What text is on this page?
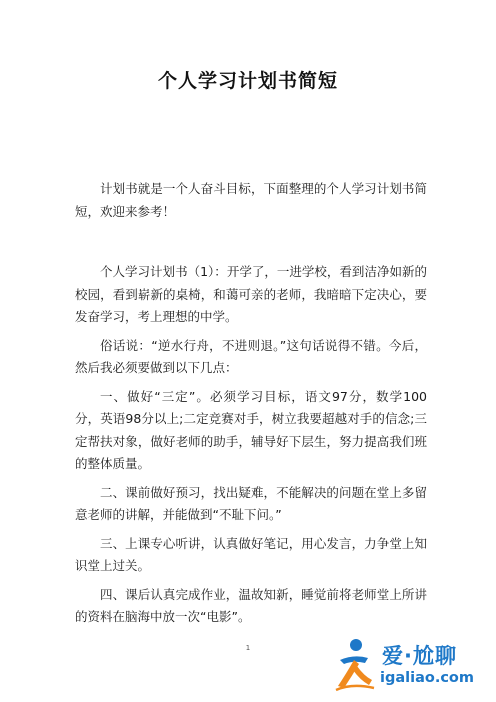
个人学习计划书简短

计划书就是一个人奋斗目标，下面整理的个人学习计划书简短，欢迎来参考！

个人学习计划书（1）：开学了，一进学校，看到洁净如新的校园，看到崭新的桌椅，和蔼可亲的老师，我暗暗下定决心，要发奋学习，考上理想的中学。

俗话说：“逆水行舟，不进则退。”这句话说得不错。今后，然后我必须要做到以下几点：

一、做好“三定”。必须学习目标，语文97分，数学100分，英语98分以上;二定竞赛对手，树立我要超越对手的信念;三定帮扶对象，做好老师的助手，辅导好下层生，努力提高我们班的整体质量。

二、课前做好预习，找出疑难，不能解决的问题在堂上多留意老师的讲解，并能做到“不耻下问。”

三、上课专心听讲，认真做好笔记，用心发言，力争堂上知识堂上过关。

四、课后认真完成作业，温故知新，睡觉前将老师堂上所讲的资料在脑海中放一次“电影”。

1	爱·尬聊
igaliao.com
